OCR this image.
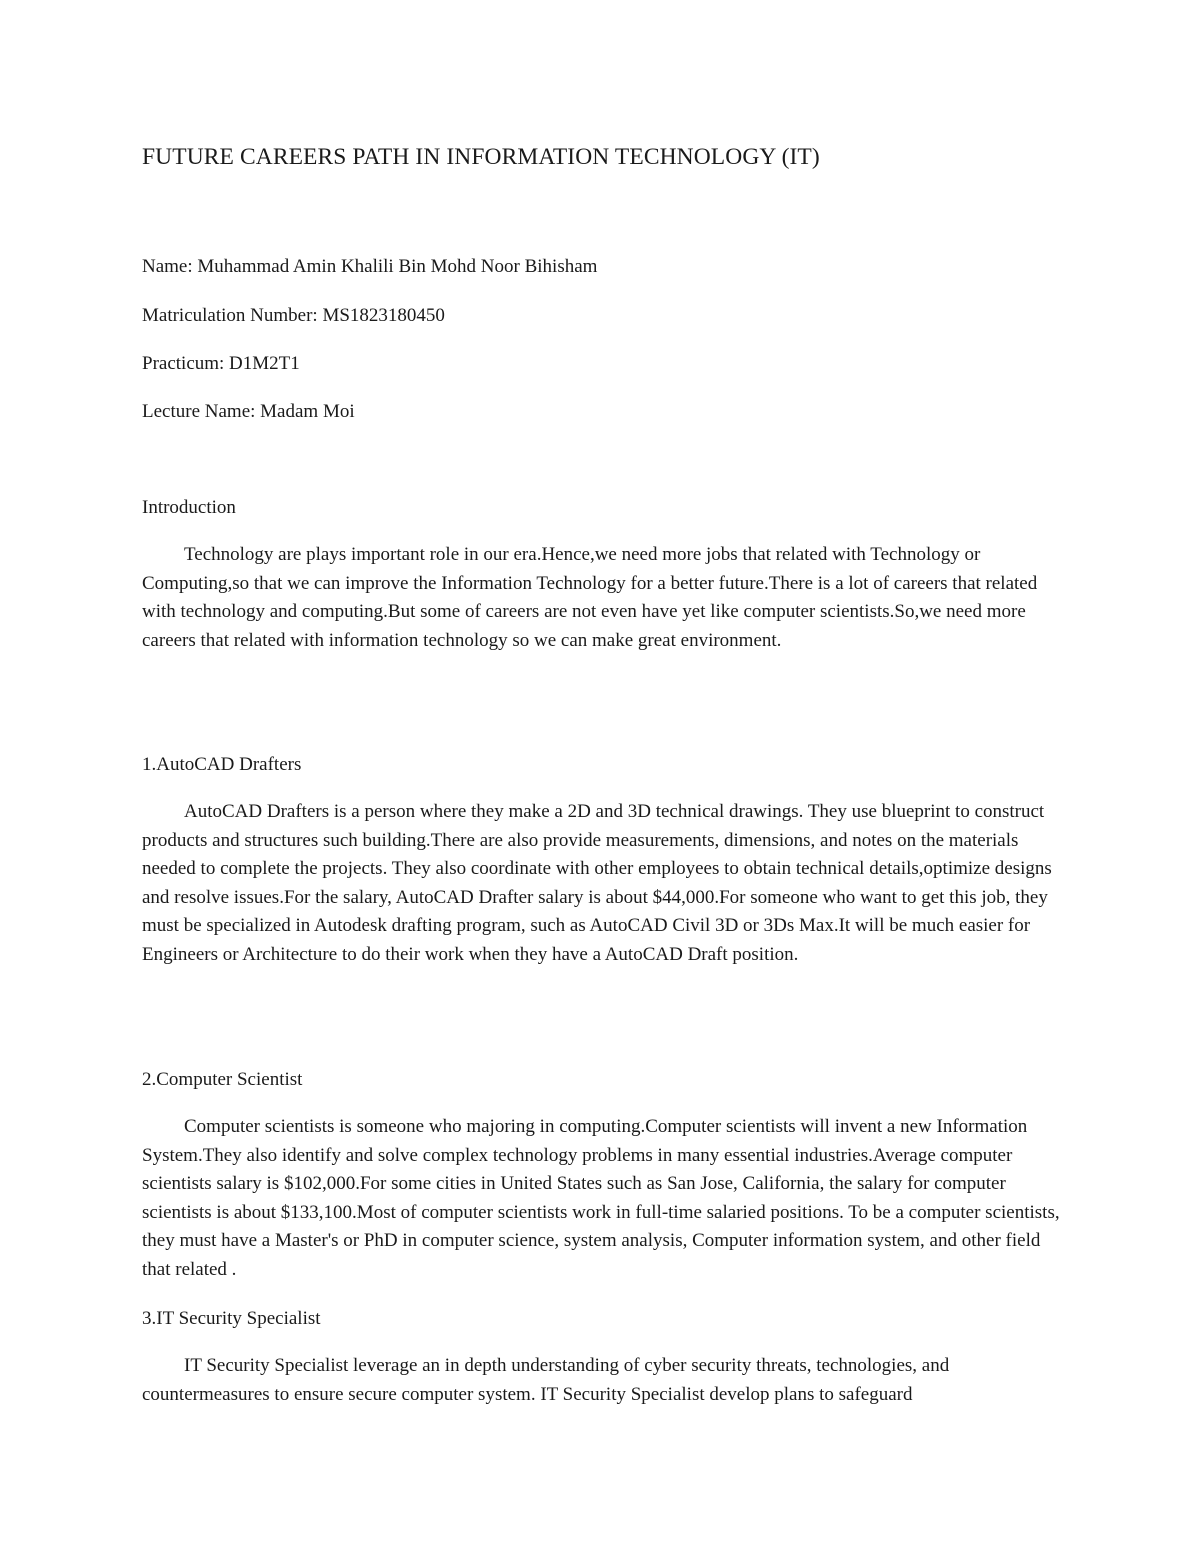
FUTURE CAREERS PATH IN INFORMATION TECHNOLOGY (IT)

Name: Muhammad Amin Khalili Bin Mohd Noor Bihisham

Matriculation Number: MS1823180450

Practicum: D1M2T1

Lecture Name: Madam Moi

Introduction

Technology are plays important role in our era.Hence,we need more jobs that related with Technology or Computing,so that we can improve the Information Technology for a better future.There is a lot of careers that related with technology and computing.But some of careers are not even have yet like computer scientists.So,we need more careers that related with information technology so we can make great environment.

1.AutoCAD Drafters

AutoCAD Drafters is a person where they make a 2D and 3D technical drawings. They use blueprint to construct products and structures such building.There are also provide measurements, dimensions, and notes on the materials needed to complete the projects. They also coordinate with other employees to obtain technical details,optimize designs and resolve issues.For the salary, AutoCAD Drafter salary is about $44,000.For someone who want to get this job, they must be specialized in Autodesk drafting program, such as AutoCAD Civil 3D or 3Ds Max.It will be much easier for Engineers or Architecture to do their work when they have a AutoCAD Draft position.

2.Computer Scientist

Computer scientists is someone who majoring in computing.Computer scientists will invent a new Information System.They also identify and solve complex technology problems in many essential industries.Average computer scientists salary is $102,000.For some cities in United States such as San Jose, California, the salary for computer scientists is about $133,100.Most of computer scientists work in full-time salaried positions. To be a computer scientists, they must have a Master's or PhD in computer science, system analysis, Computer information system, and other field that related .

3.IT Security Specialist

IT Security Specialist leverage an in depth understanding of cyber security threats, technologies, and countermeasures to ensure secure computer system. IT Security Specialist develop plans to safeguard
